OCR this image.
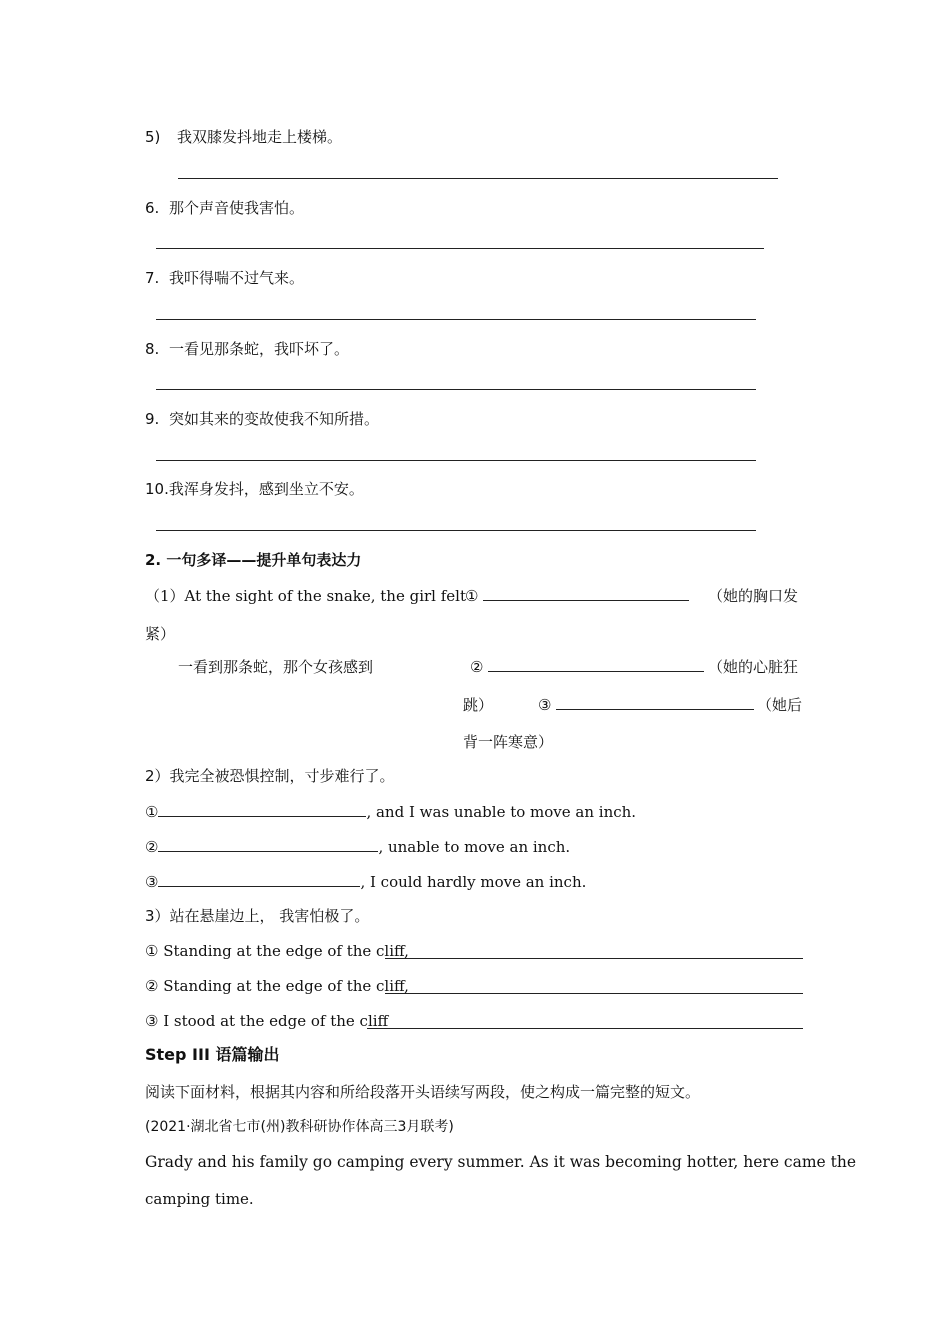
5) 我双膝发抖地走上楼梯。
6. 那个声音使我害怕。
7. 我吓得喘不过气来。
8. 一看见那条蛇，我吓坏了。
9. 突如其来的变故使我不知所措。
10.我浑身发抖，感到坐立不安。
2. 一句多译——提升单句表达力
（1）At the sight of the snake, the girl felt
①	（她的胸口发
紧）
一看到那条蛇，那个女孩感到	②	（她的心脏狂
跳）	③	（她后
背一阵寒意）
2）我完全被恐惧控制，寸步难行了。
①	, and I was unable to move an inch.
②	, unable to move an inch.
③	, I could hardly move an inch.
3）站在悬崖边上， 我害怕极了。
① Standing at the edge of the cliff,
② Standing at the edge of the cliff,
③ I stood at the edge of the cliff
Step III 语篇输出
阅读下面材料，根据其内容和所给段落开头语续写两段，使之构成一篇完整的短文。
(2021·湖北省七市(州)教科研协作体高三3月联考)
Grady and his family go camping every summer. As it was becoming hotter, here came the
camping time.
